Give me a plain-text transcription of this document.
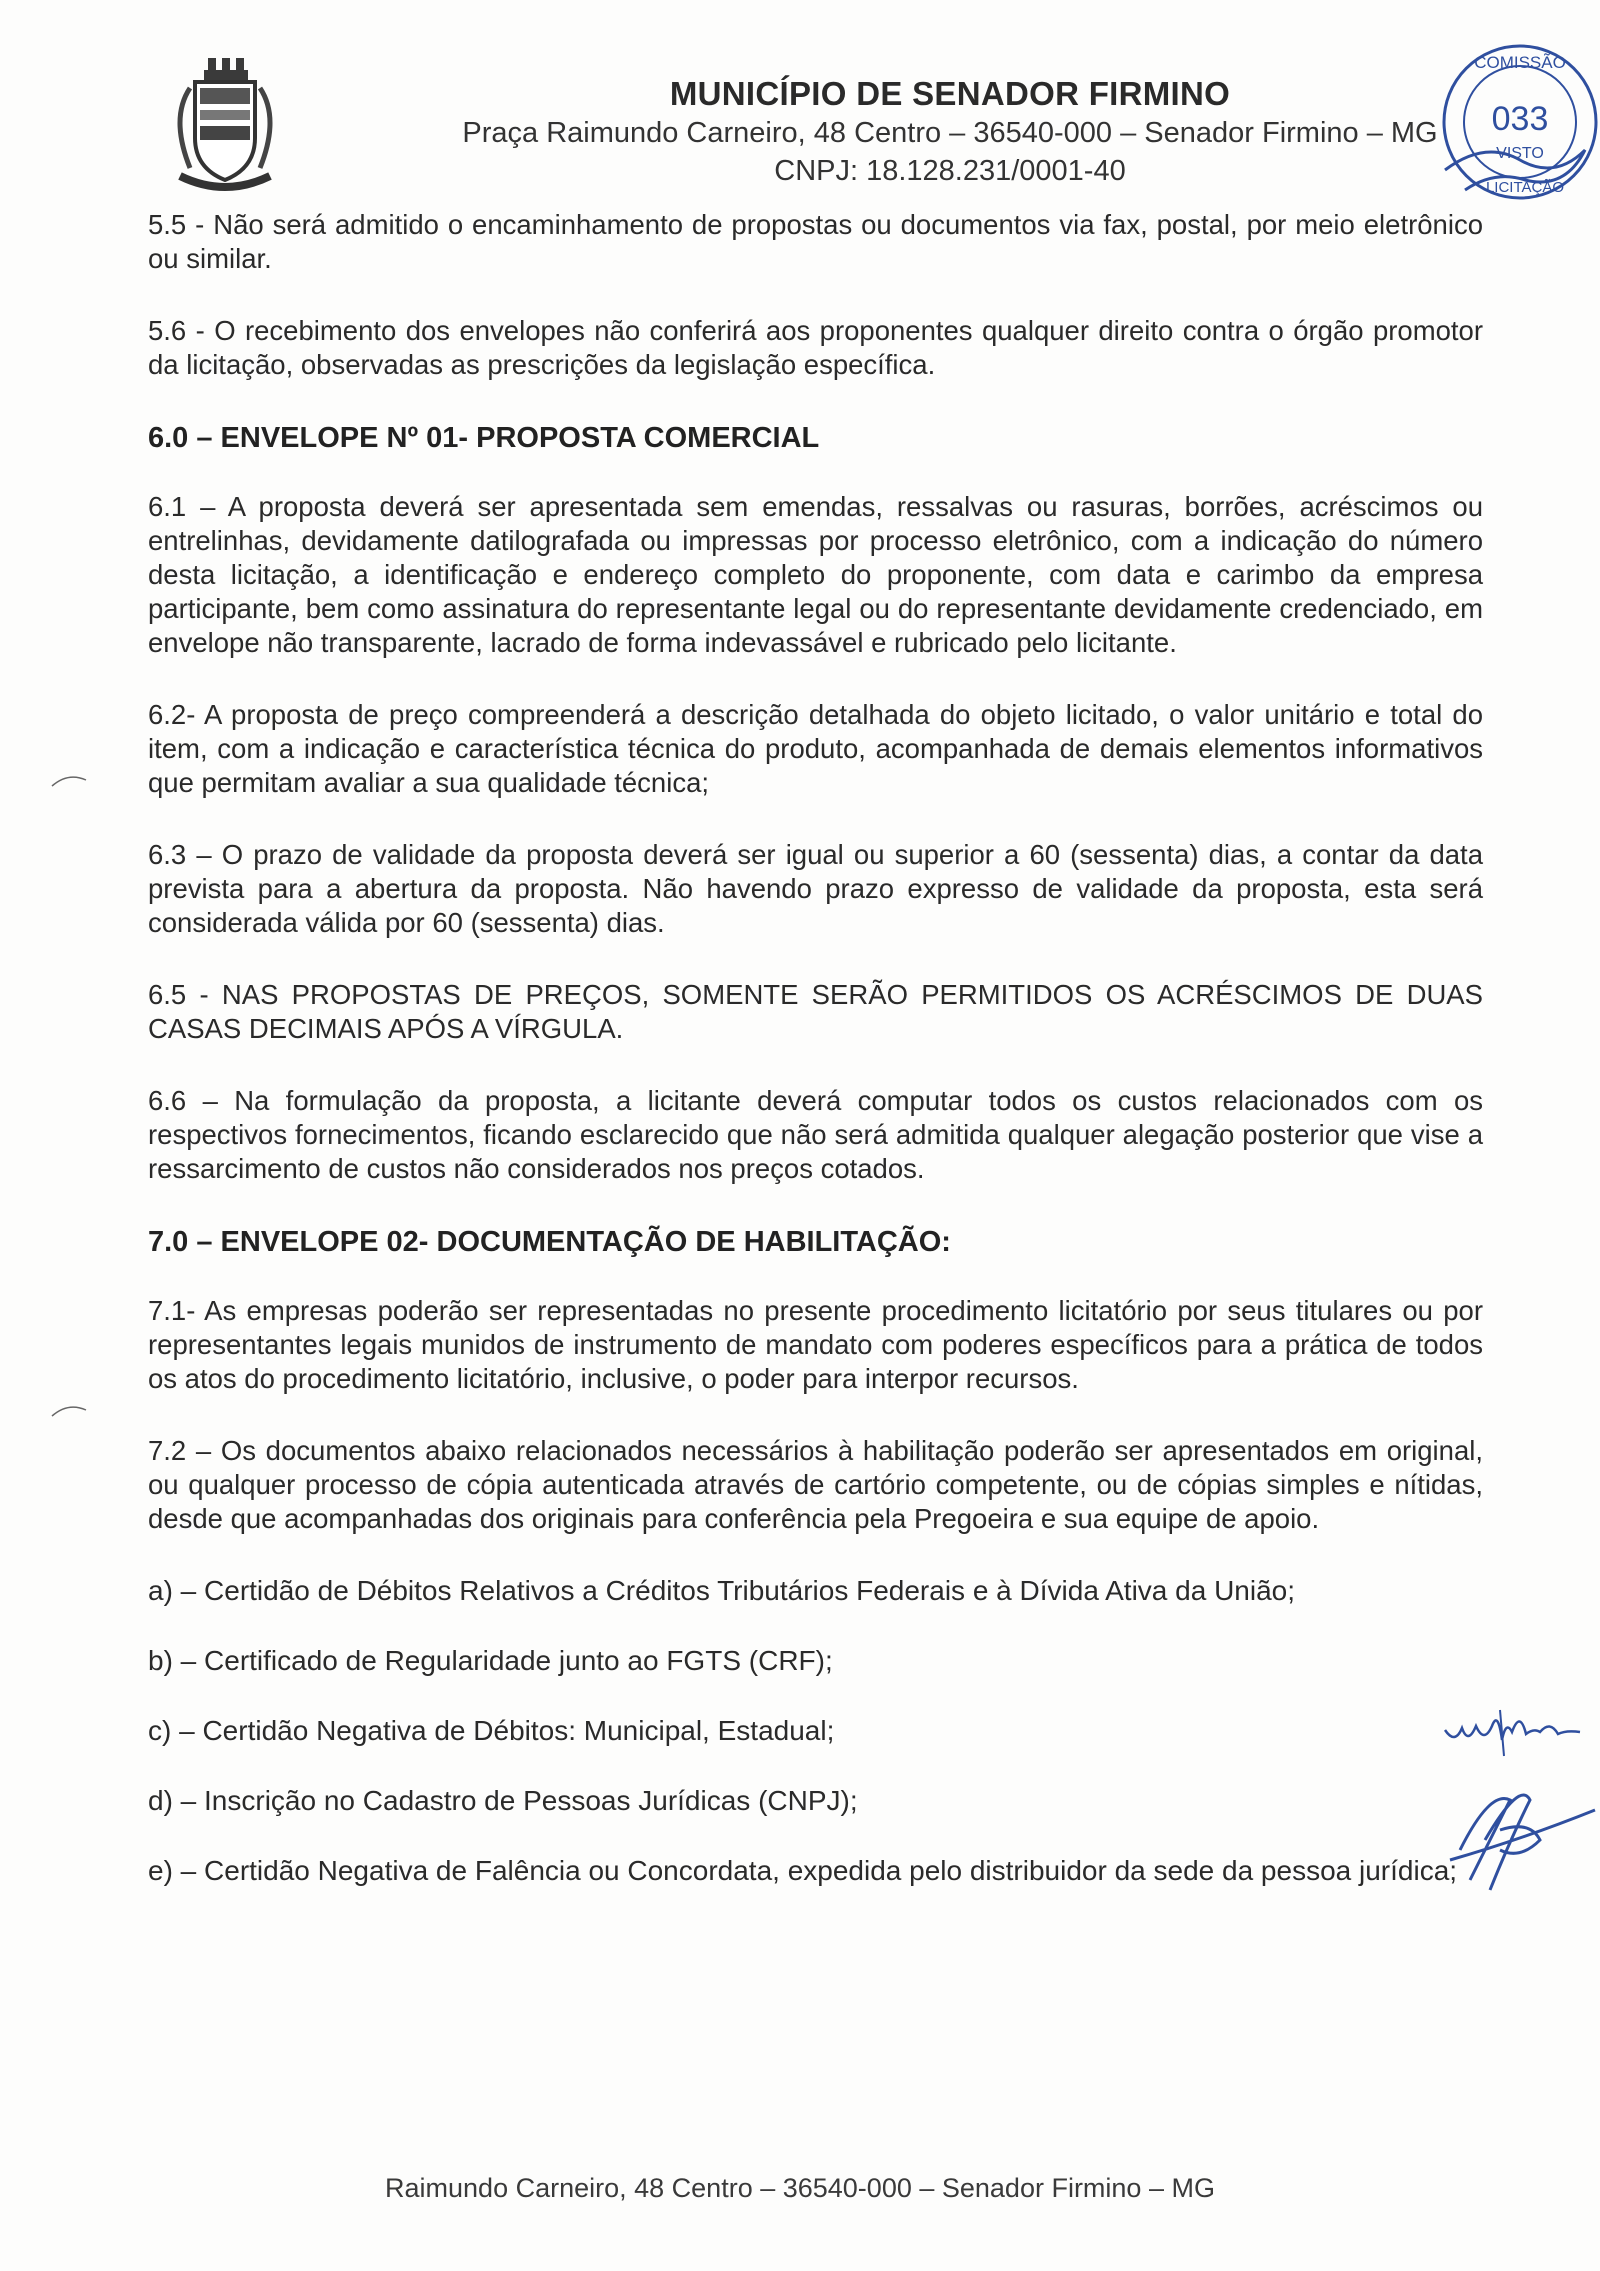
MUNICÍPIO DE SENADOR FIRMINO
Praça Raimundo Carneiro, 48 Centro – 36540-000 – Senador Firmino – MG
CNPJ: 18.128.231/0001-40
COMISSÃO
033
VISTO
LICITAÇÃO

5.5 - Não será admitido o encaminhamento de propostas ou documentos via fax, postal, por meio eletrônico ou similar.

5.6 - O recebimento dos envelopes não conferirá aos proponentes qualquer direito contra o órgão promotor da licitação, observadas as prescrições da legislação específica.

6.0 – ENVELOPE Nº 01- PROPOSTA COMERCIAL

6.1 – A proposta deverá ser apresentada sem emendas, ressalvas ou rasuras, borrões, acréscimos ou entrelinhas, devidamente datilografada ou impressas por processo eletrônico, com a indicação do número desta licitação, a identificação e endereço completo do proponente, com data e carimbo da empresa participante, bem como assinatura do representante legal ou do representante devidamente credenciado, em envelope não transparente, lacrado de forma indevassável e rubricado pelo licitante.

6.2- A proposta de preço compreenderá a descrição detalhada do objeto licitado, o valor unitário e total do item, com a indicação e característica técnica do produto, acompanhada de demais elementos informativos que permitam avaliar a sua qualidade técnica;

6.3 – O prazo de validade da proposta deverá ser igual ou superior a 60 (sessenta) dias, a contar da data prevista para a abertura da proposta. Não havendo prazo expresso de validade da proposta, esta será considerada válida por 60 (sessenta) dias.

6.5 - NAS PROPOSTAS DE PREÇOS, SOMENTE SERÃO PERMITIDOS OS ACRÉSCIMOS DE DUAS CASAS DECIMAIS APÓS A VÍRGULA.

6.6 – Na formulação da proposta, a licitante deverá computar todos os custos relacionados com os respectivos fornecimentos, ficando esclarecido que não será admitida qualquer alegação posterior que vise a ressarcimento de custos não considerados nos preços cotados.

7.0 – ENVELOPE 02- DOCUMENTAÇÃO DE HABILITAÇÃO:

7.1- As empresas poderão ser representadas no presente procedimento licitatório por seus titulares ou por representantes legais munidos de instrumento de mandato com poderes específicos para a prática de todos os atos do procedimento licitatório, inclusive, o poder para interpor recursos.

7.2 – Os documentos abaixo relacionados necessários à habilitação poderão ser apresentados em original, ou qualquer processo de cópia autenticada através de cartório competente, ou de cópias simples e nítidas, desde que acompanhadas dos originais para conferência pela Pregoeira e sua equipe de apoio.

a) – Certidão de Débitos Relativos a Créditos Tributários Federais e à Dívida Ativa da União;
b) – Certificado de Regularidade junto ao FGTS (CRF);
c) – Certidão Negativa de Débitos: Municipal, Estadual;
d) – Inscrição no Cadastro de Pessoas Jurídicas (CNPJ);
e) – Certidão Negativa de Falência ou Concordata, expedida pelo distribuidor da sede da pessoa jurídica;
Raimundo Carneiro, 48 Centro – 36540-000 – Senador Firmino – MG
